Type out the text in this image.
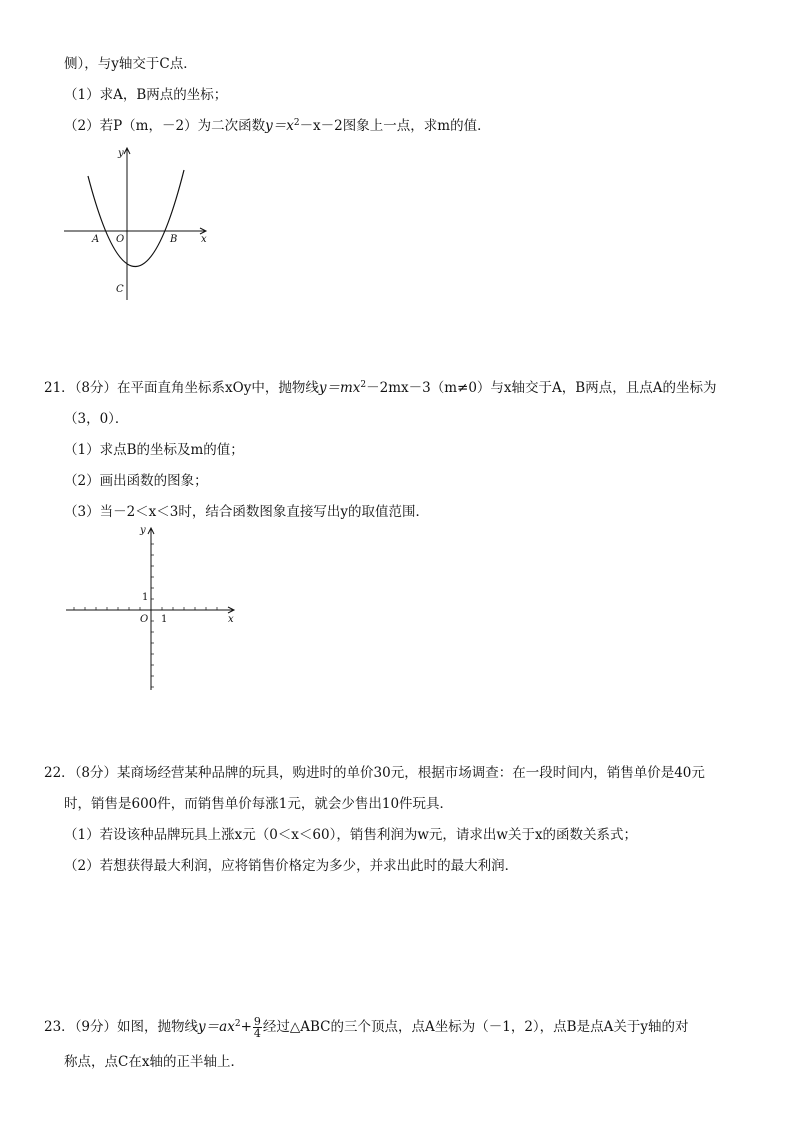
侧），与y轴交于C点．
（1）求A，B两点的坐标；
（2）若P（m，－2）为二次函数$y=x^2-x-2$图象上一点，求m的值．
y
x
A O	B
C
21．（8分）在平面直角坐标系xOy中，抛物线$y=mx^2-2mx-3(m\ne 0)$与x轴交于A，B两点，且点A的坐标为
（3，0）．
（1）求点B的坐标及m的值；
（2）画出函数的图象；
（3）当－2＜x＜3时，结合函数图象直接写出y的取值范围．
y
x
O 1
1
22．（8分）某商场经营某种品牌的玩具，购进时的单价30元，根据市场调查：在一段时间内，销售单价是40元
时，销售是600件，而销售单价每涨1元，就会少售出10件玩具．
（1）若设该种品牌玩具上涨x元（0＜x＜60），销售利润为w元，请求出w关于x的函数关系式；
（2）若想获得最大利润，应将销售价格定为多少，并求出此时的最大利润．
23．（9分）如图，抛物线$y=ax^2+ \frac{9}{4}$ 经过△ABC的三个顶点，点A坐标为（－1，2），点B是点A关于y轴的对
称点，点C在x轴的正半轴上．
